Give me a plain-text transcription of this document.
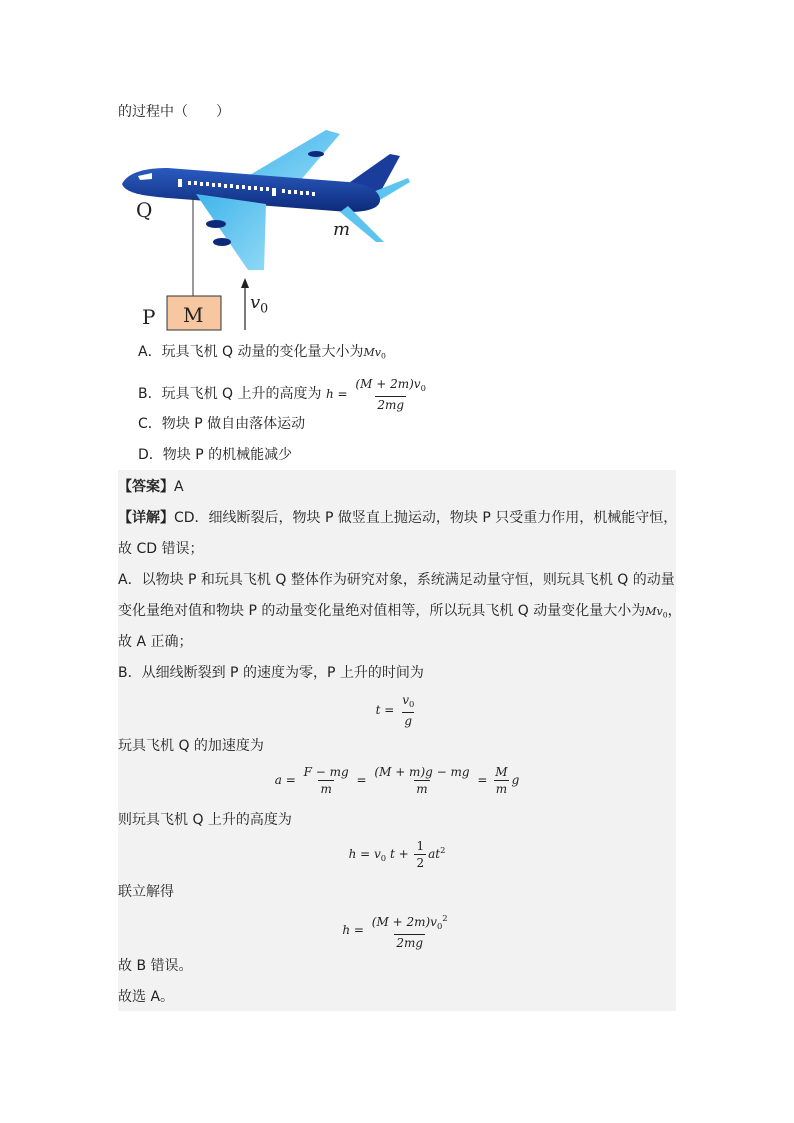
的过程中（　　）
Q
m
P M
$v_0$
A．玩具飞机 Q 动量的变化量大小为$Mv_0$
B．玩具飞机 Q 上升的高度为 $h = \frac{(M + 2m)v_0}{2mg}$
C．物块 P 做自由落体运动
D．物块 P 的机械能减少
【答案】A
【详解】CD．细线断裂后，物块 P 做竖直上抛运动，物块 P 只受重力作用，机械能守恒，
故 CD 错误；
A．以物块 P 和玩具飞机 Q 整体作为研究对象，系统满足动量守恒，则玩具飞机 Q 的动量
变化量绝对值和物块 P 的动量变化量绝对值相等，所以玩具飞机 Q 动量变化量大小为$Mv_0$，
故 A 正确；
B．从细线断裂到 P 的速度为零，P 上升的时间为
$t = \frac{v_0}{g}$
玩具飞机 Q 的加速度为
$a = \frac{F - mg}{m} = \frac{(M + m)g - mg}{m} = \frac{M}{m}$ g
则玩具飞机 Q 上升的高度为
$h = v_0$ $t + \frac{1}{2} at^2$
联立解得
$h = \frac{(M + 2m)v_0^2}{2mg}$
故 B 错误。
故选 A。
